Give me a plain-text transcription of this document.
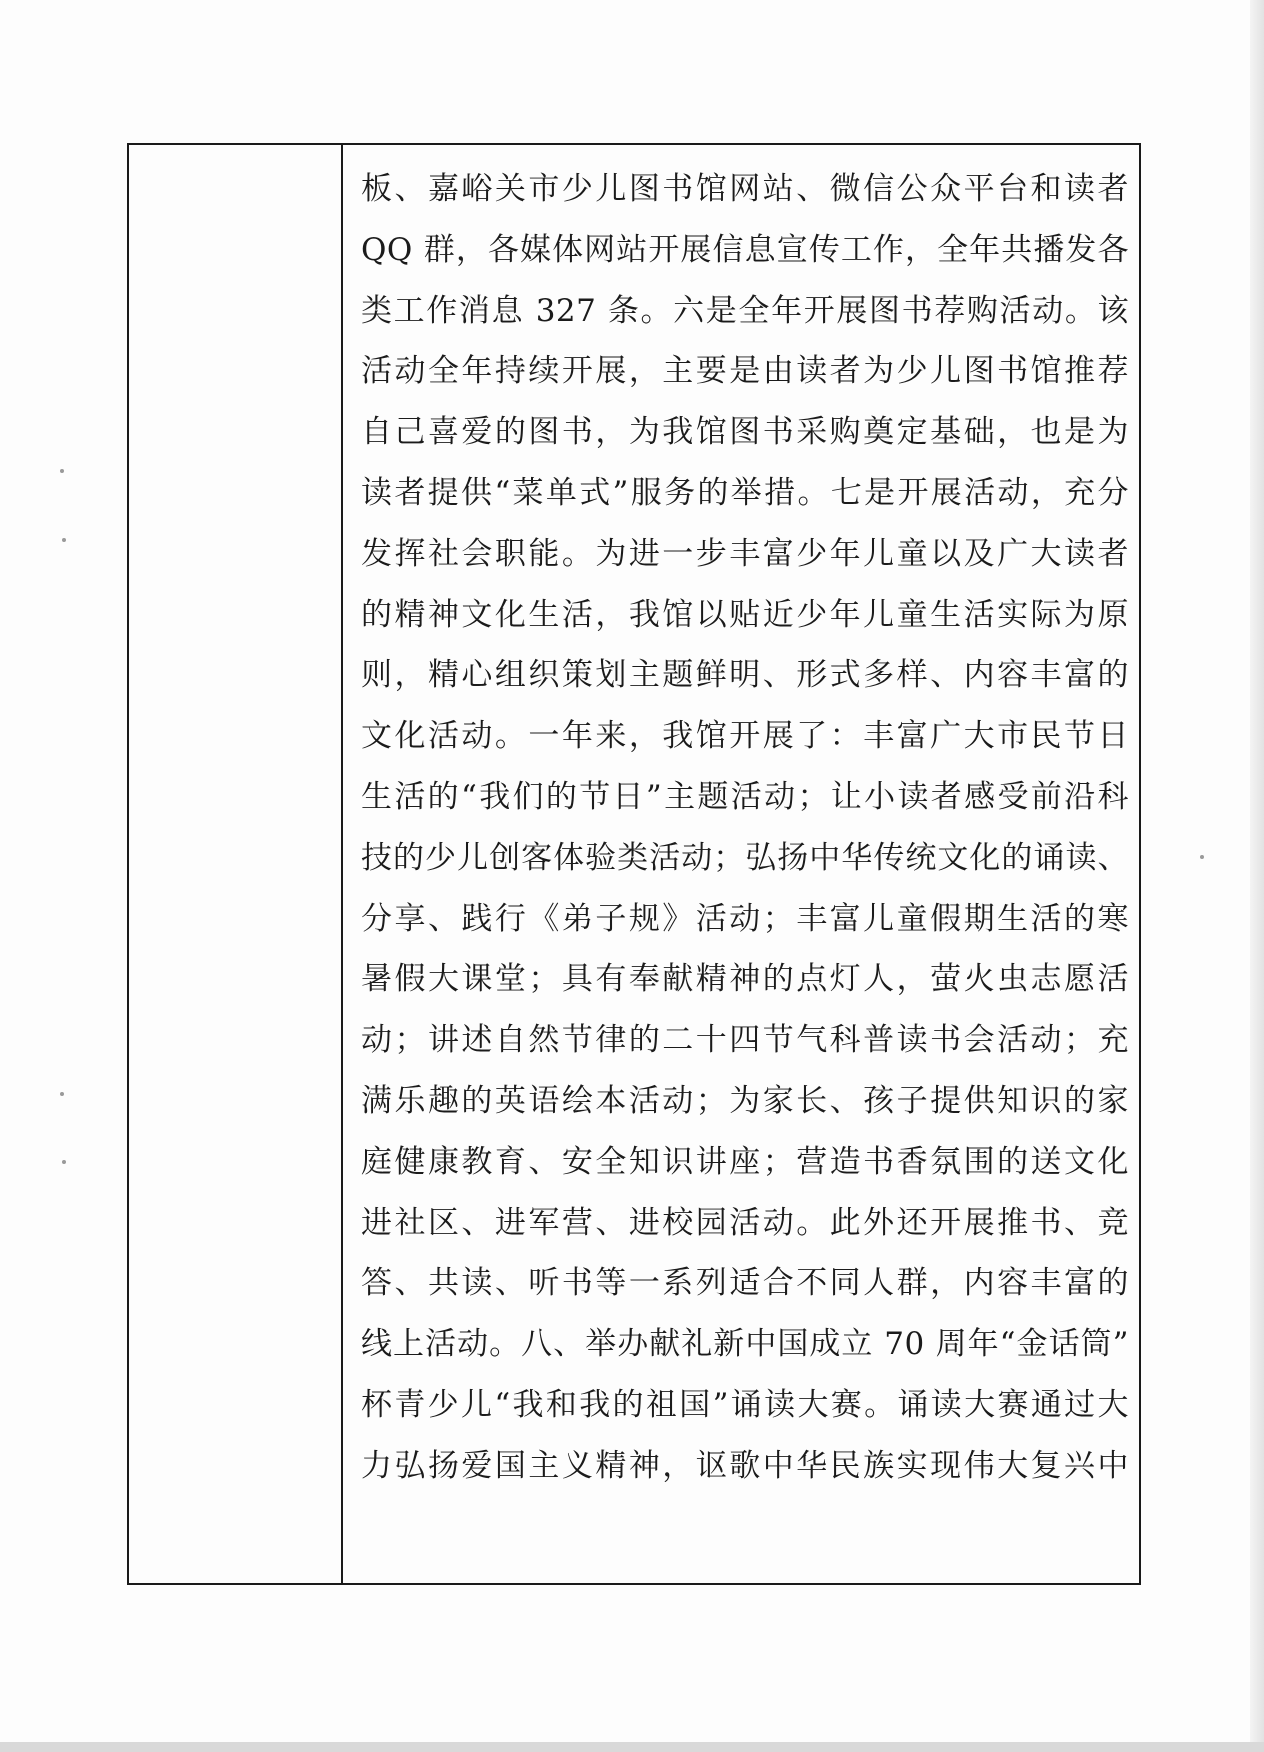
板、嘉峪关市少儿图书馆网站、微信公众平台和读者
QQ 群，各媒体网站开展信息宣传工作，全年共播发各
类工作消息 327 条。六是全年开展图书荐购活动。该
活动全年持续开展，主要是由读者为少儿图书馆推荐
自己喜爱的图书，为我馆图书采购奠定基础，也是为
读者提供“菜单式”服务的举措。七是开展活动，充分
发挥社会职能。为进一步丰富少年儿童以及广大读者
的精神文化生活，我馆以贴近少年儿童生活实际为原
则，精心组织策划主题鲜明、形式多样、内容丰富的
文化活动。一年来，我馆开展了：丰富广大市民节日
生活的“我们的节日”主题活动；让小读者感受前沿科
技的少儿创客体验类活动；弘扬中华传统文化的诵读、
分享、践行《弟子规》活动；丰富儿童假期生活的寒
暑假大课堂；具有奉献精神的点灯人，萤火虫志愿活
动；讲述自然节律的二十四节气科普读书会活动；充
满乐趣的英语绘本活动；为家长、孩子提供知识的家
庭健康教育、安全知识讲座；营造书香氛围的送文化
进社区、进军营、进校园活动。此外还开展推书、竞
答、共读、听书等一系列适合不同人群，内容丰富的
线上活动。八、举办献礼新中国成立 70 周年“金话筒”
杯青少儿“我和我的祖国”诵读大赛。诵读大赛通过大
力弘扬爱国主义精神，讴歌中华民族实现伟大复兴中
